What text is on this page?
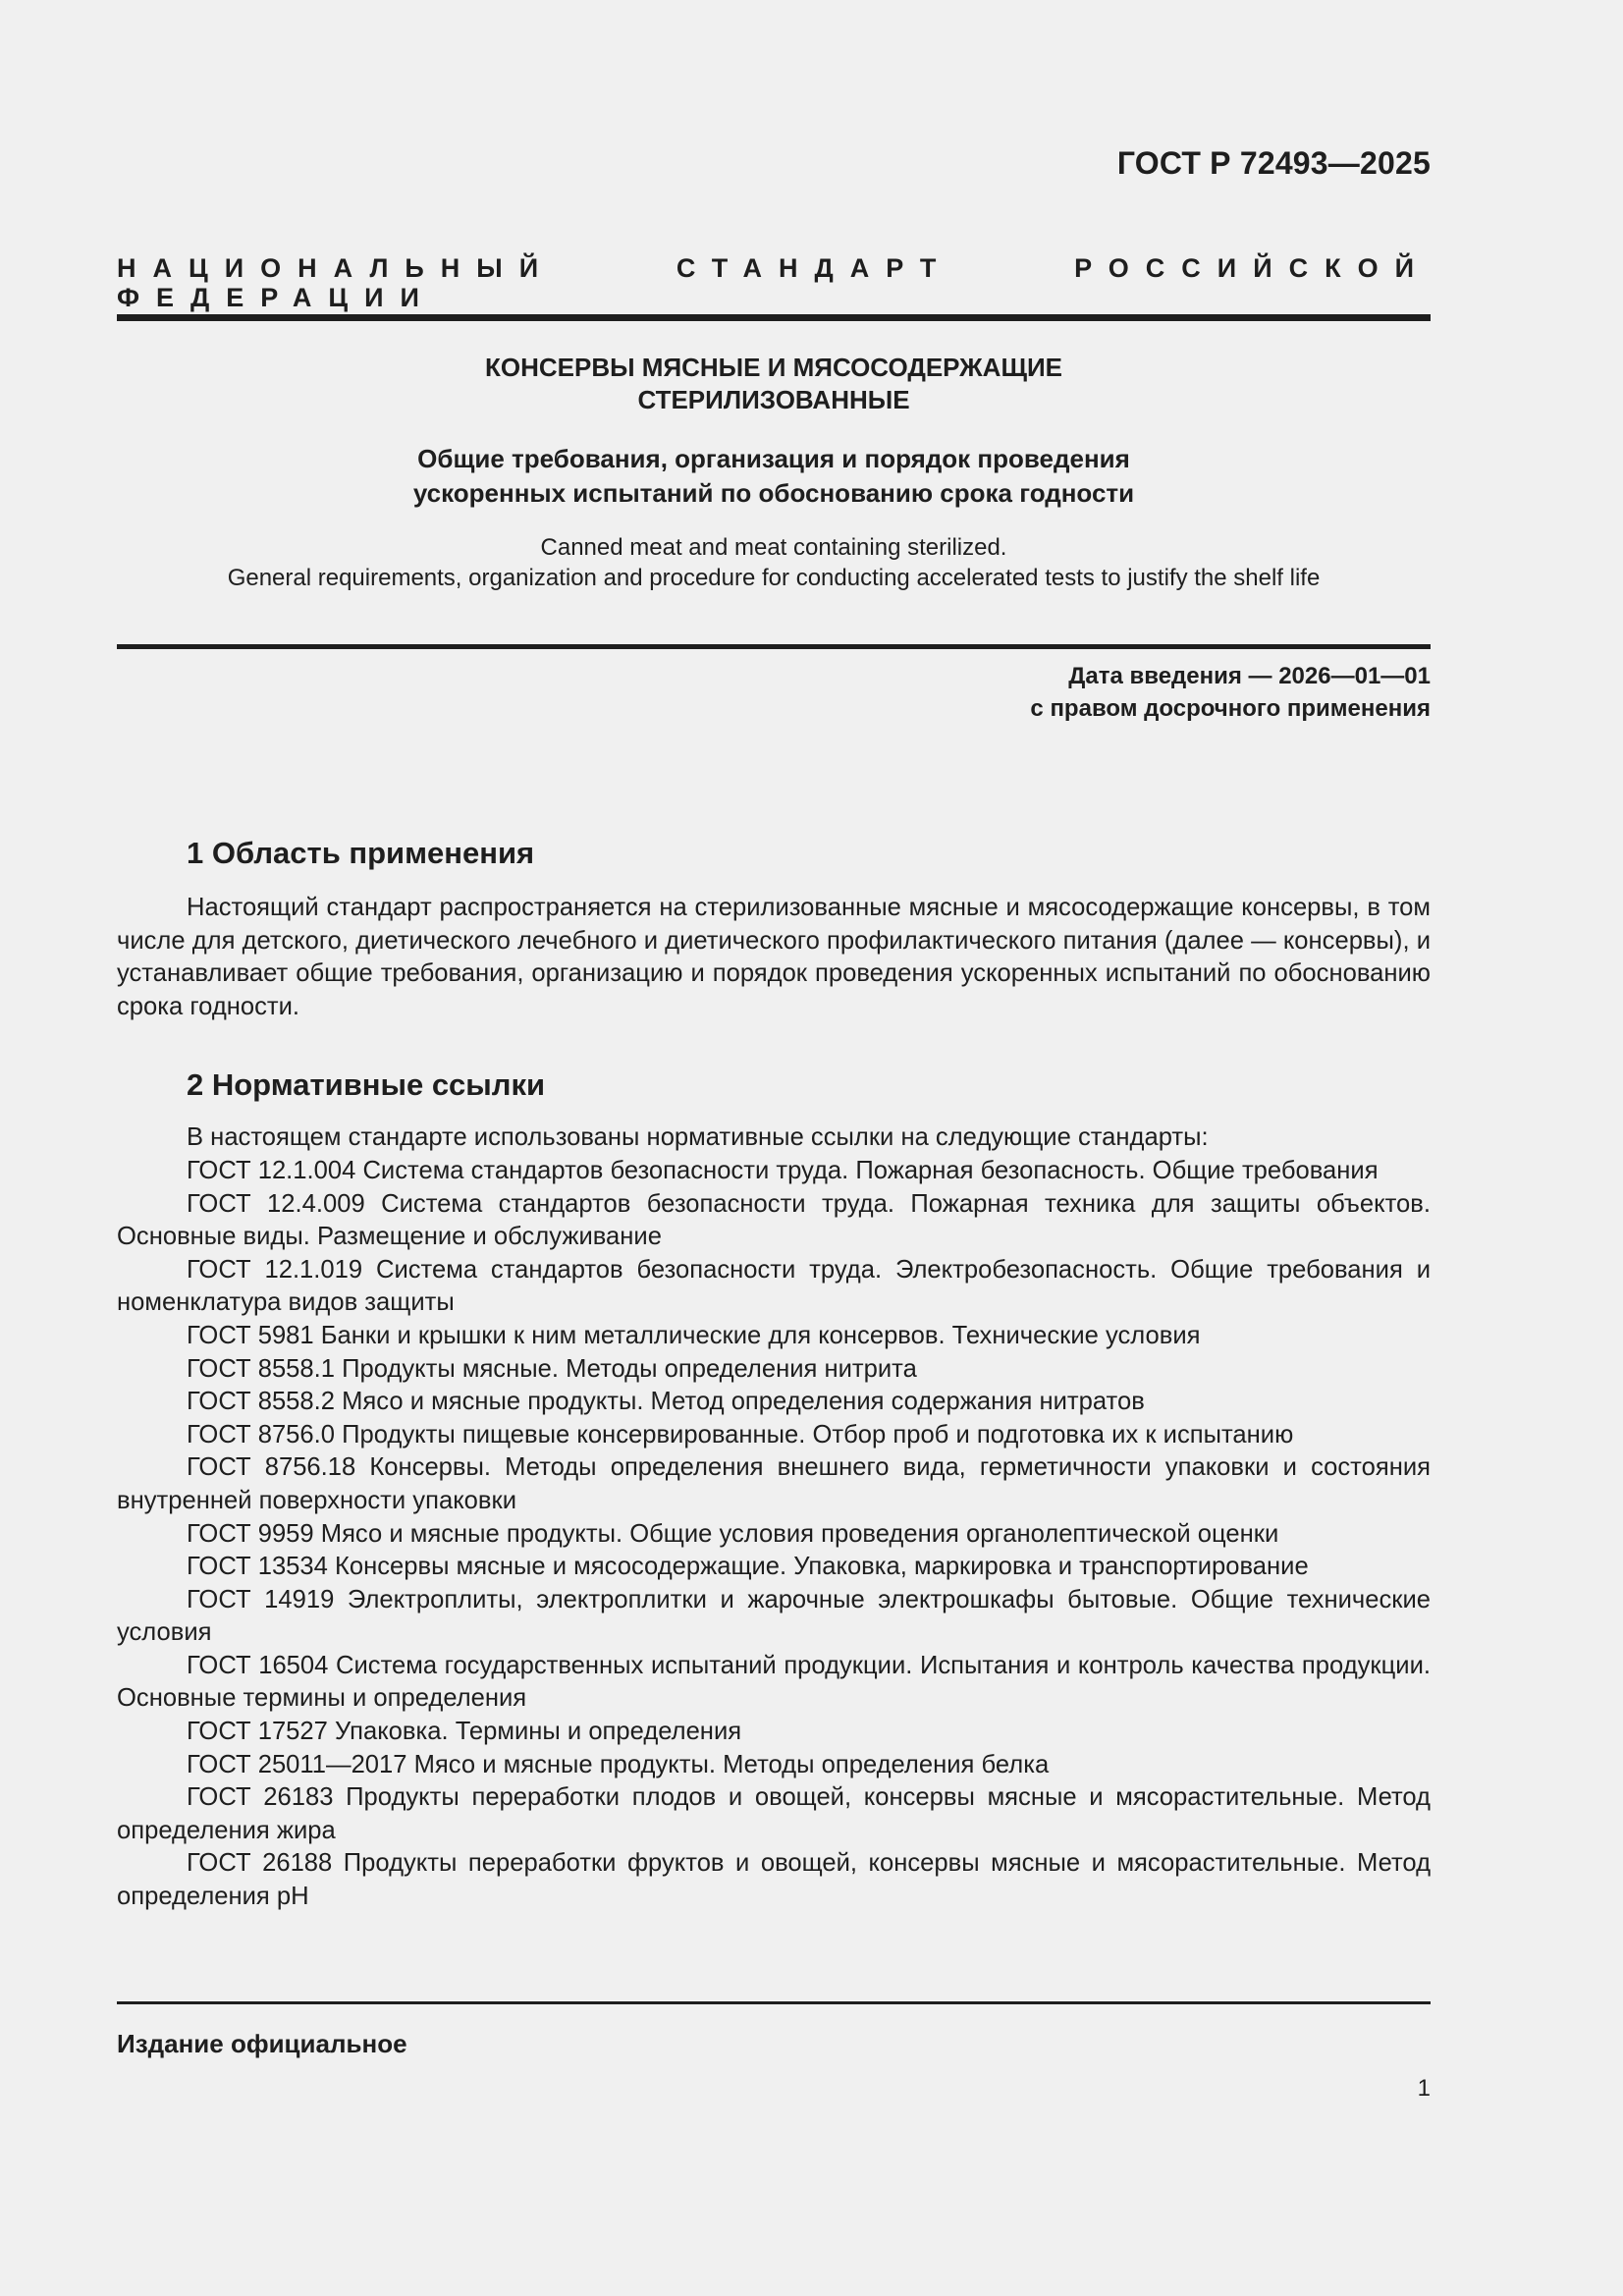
ГОСТ Р 72493—2025
НАЦИОНАЛЬНЫЙ СТАНДАРТ РОССИЙСКОЙ ФЕДЕРАЦИИ
КОНСЕРВЫ МЯСНЫЕ И МЯСОСОДЕРЖАЩИЕ
СТЕРИЛИЗОВАННЫЕ
Общие требования, организация и порядок проведения
ускоренных испытаний по обоснованию срока годности
Canned meat and meat containing sterilized.
General requirements, organization and procedure for conducting accelerated tests to justify the shelf life
Дата введения — 2026—01—01
с правом досрочного применения
1 Область применения

Настоящий стандарт распространяется на стерилизованные мясные и мясосодержащие консервы, в том числе для детского, диетического лечебного и диетического профилактического питания (далее — консервы), и устанавливает общие требования, организацию и порядок проведения ускоренных испытаний по обоснованию срока годности.

2 Нормативные ссылки

В настоящем стандарте использованы нормативные ссылки на следующие стандарты:

ГОСТ 12.1.004 Система стандартов безопасности труда. Пожарная безопасность. Общие требования

ГОСТ 12.4.009 Система стандартов безопасности труда. Пожарная техника для защиты объектов. Основные виды. Размещение и обслуживание

ГОСТ 12.1.019 Система стандартов безопасности труда. Электробезопасность. Общие требования и номенклатура видов защиты

ГОСТ 5981 Банки и крышки к ним металлические для консервов. Технические условия

ГОСТ 8558.1 Продукты мясные. Методы определения нитрита

ГОСТ 8558.2 Мясо и мясные продукты. Метод определения содержания нитратов

ГОСТ 8756.0 Продукты пищевые консервированные. Отбор проб и подготовка их к испытанию

ГОСТ 8756.18 Консервы. Методы определения внешнего вида, герметичности упаковки и состояния внутренней поверхности упаковки

ГОСТ 9959 Мясо и мясные продукты. Общие условия проведения органолептической оценки

ГОСТ 13534 Консервы мясные и мясосодержащие. Упаковка, маркировка и транспортирование

ГОСТ 14919 Электроплиты, электроплитки и жарочные электрошкафы бытовые. Общие технические условия

ГОСТ 16504 Система государственных испытаний продукции. Испытания и контроль качества продукции. Основные термины и определения

ГОСТ 17527 Упаковка. Термины и определения

ГОСТ 25011—2017 Мясо и мясные продукты. Методы определения белка

ГОСТ 26183 Продукты переработки плодов и овощей, консервы мясные и мясорастительные. Метод определения жира

ГОСТ 26188 Продукты переработки фруктов и овощей, консервы мясные и мясорастительные. Метод определения pH

Издание официальное
1
